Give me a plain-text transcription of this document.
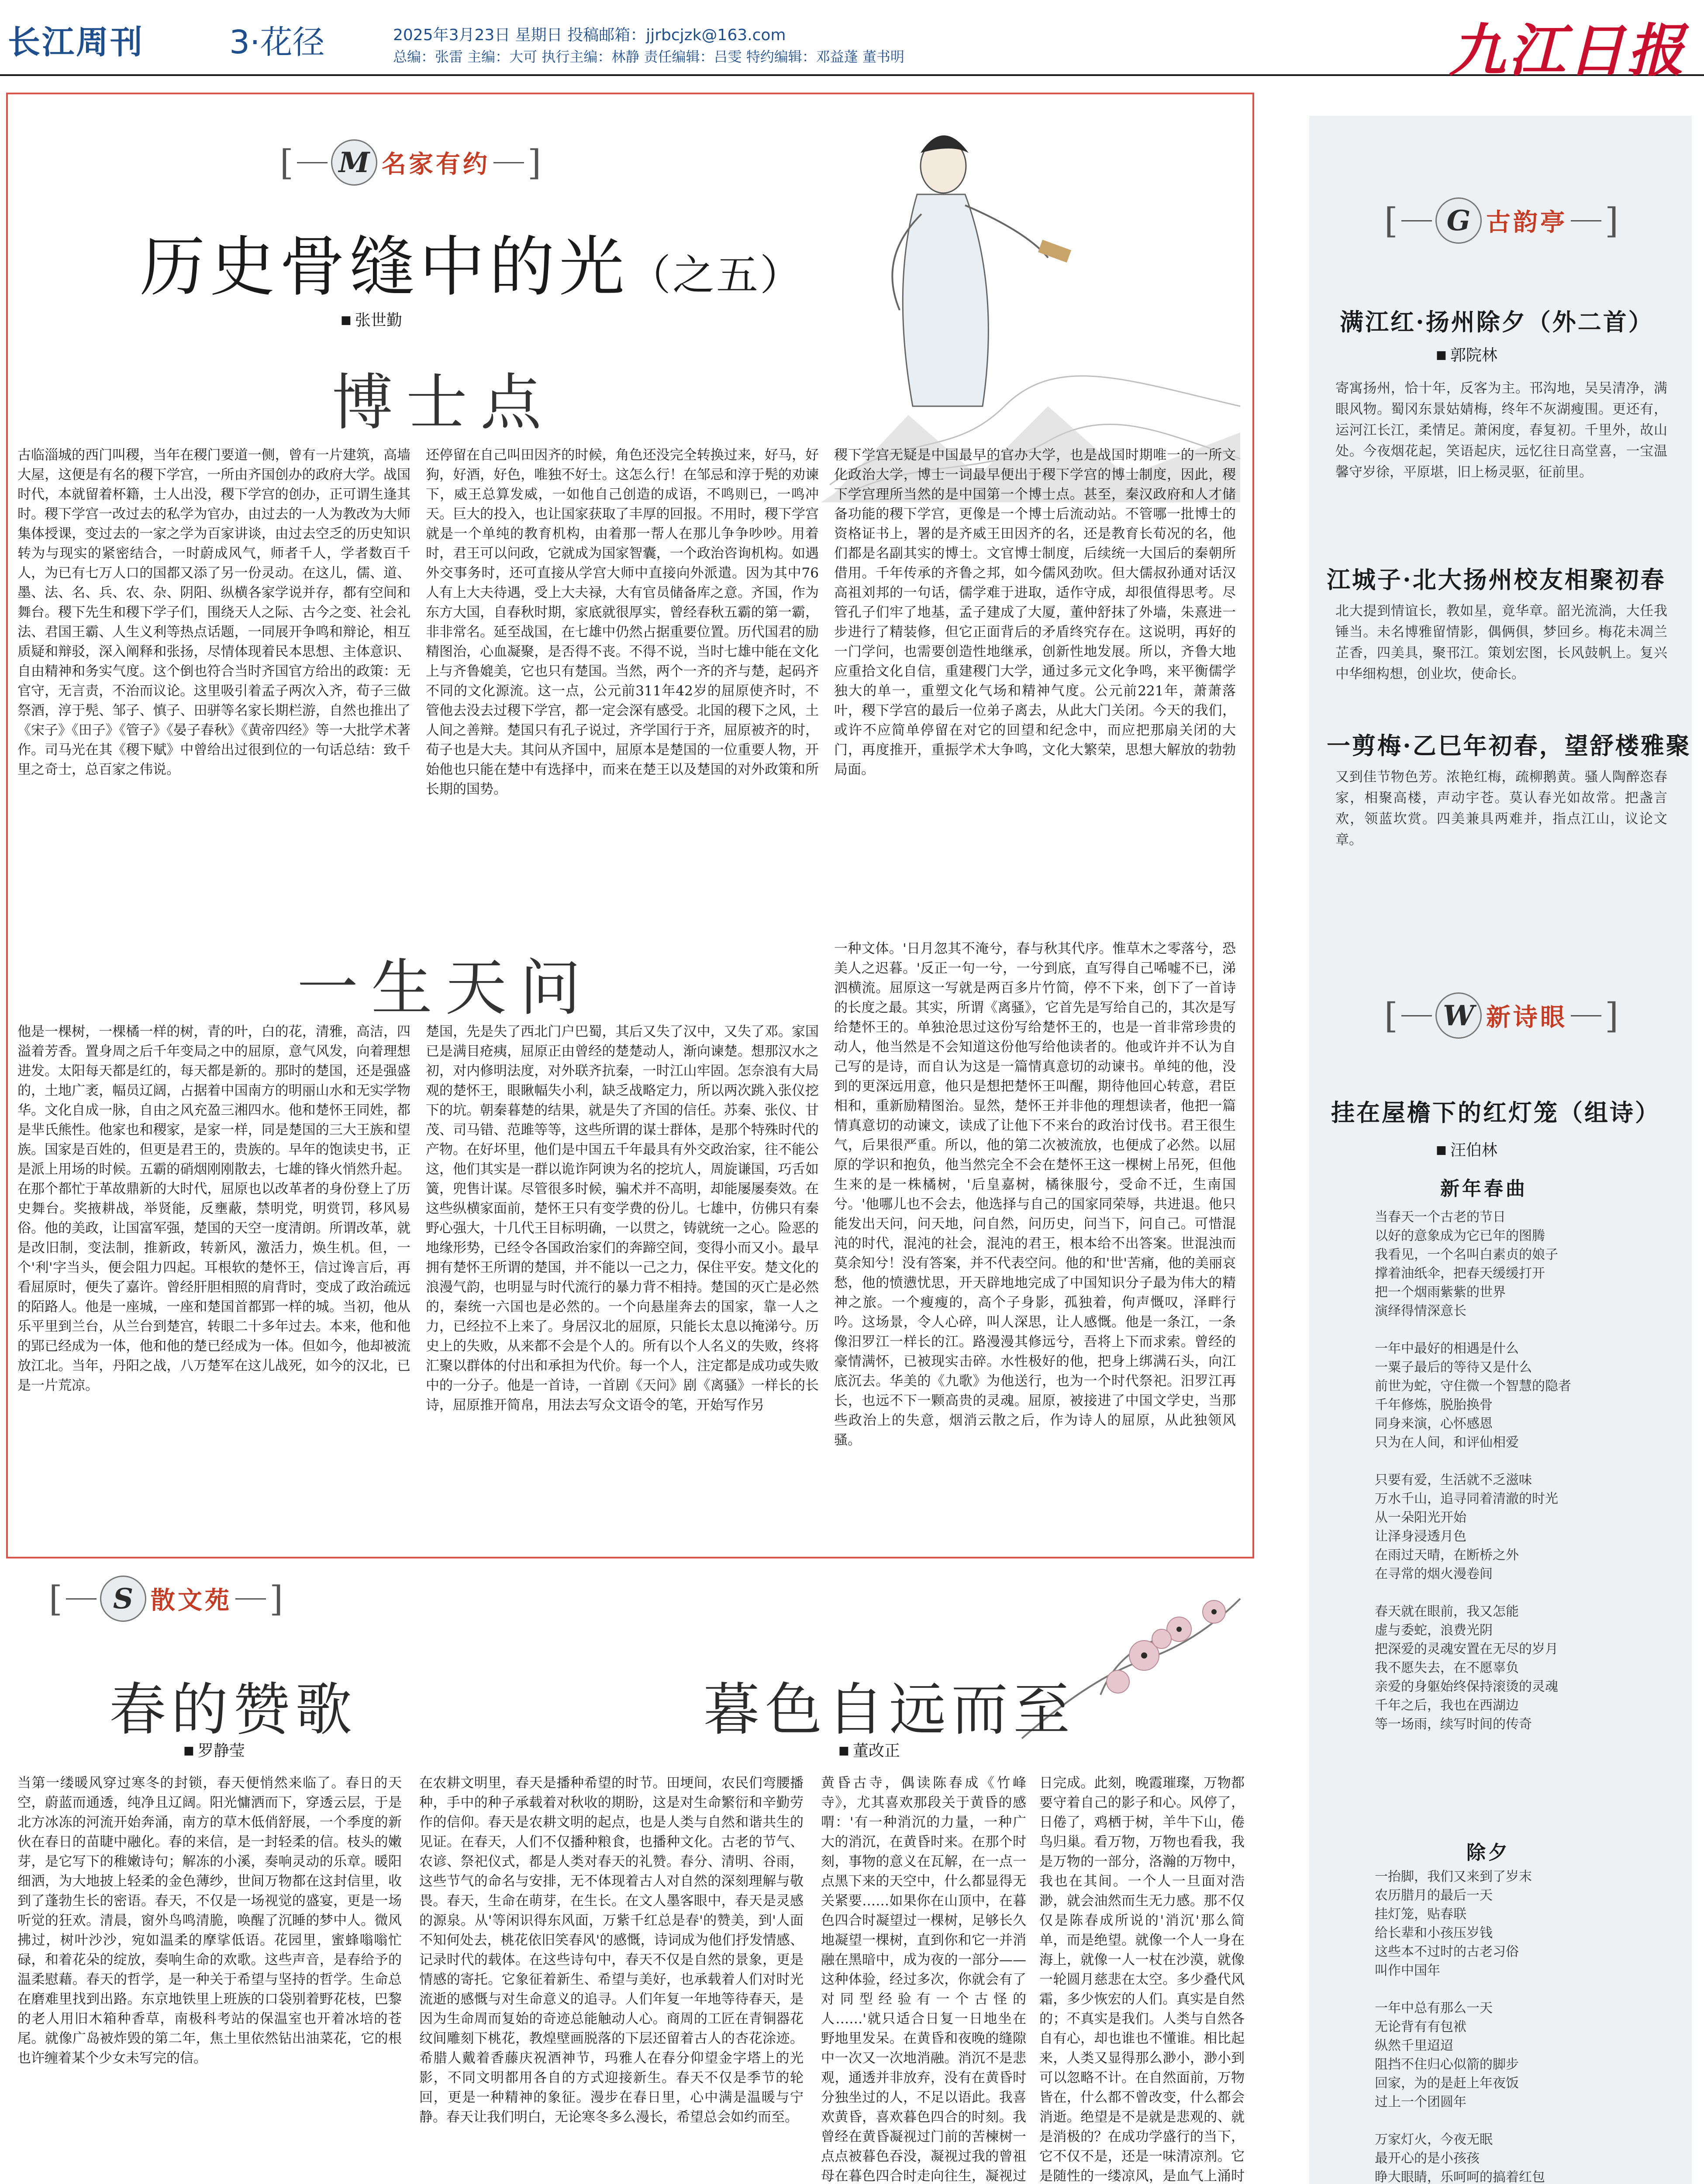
长江周刊	3·花径	2025年3月23日 星期日 投稿邮箱：jjrbcjzk@163.com
总编：张雷 主编：大可 执行主编：林静 责任编辑：吕雯 特约编辑：邓益蓬 董书明	九江日报
[ M 名家有约 ]
历史骨缝中的光（之五）
■ 张世勤
博士点

古临淄城的西门叫稷，当年在稷门要道一侧，曾有一片建筑，高墙大屋，这便是有名的稷下学宫，一所由齐国创办的政府大学。战国时代，本就留着杯籍，士人出没，稷下学宫的创办，正可谓生逢其时。稷下学宫一改过去的私学为官办，由过去的一人为教改为大师集体授课，变过去的一家之学为百家讲谈，由过去空乏的历史知识转为与现实的紧密结合，一时蔚成风气，师者千人，学者数百千人，为已有七万人口的国都又添了另一份灵动。在这儿，儒、道、墨、法、名、兵、农、杂、阴阳、纵横各家学说并存，都有空间和舞台。稷下先生和稷下学子们，围绕天人之际、古今之变、社会礼法、君国王霸、人生义利等热点话题，一同展开争鸣和辩论，相互质疑和辩驳，深入阐释和张扬，尽情体现着民本思想、主体意识、自由精神和务实气度。这个倒也符合当时齐国官方给出的政策：无官守，无言责，不治而议论。这里吸引着孟子两次入齐，荀子三做祭酒，淳于髡、邹子、慎子、田骈等名家长期栏游，自然也推出了《宋子》《田子》《管子》《晏子春秋》《黄帝四经》等一大批学术著作。司马光在其《稷下赋》中曾给出过很到位的一句话总结：致千里之奇士，总百家之伟说。

还停留在自己叫田因齐的时候，角色还没完全转换过来，好马，好狗，好酒，好色，唯独不好士。这怎么行！在邹忌和淳于髡的劝谏下，威王总算发威，一如他自己创造的成语，不鸣则已，一鸣冲天。巨大的投入，也让国家获取了丰厚的回报。不用时，稷下学宫就是一个单纯的教育机构，由着那一帮人在那儿争争吵吵。用着时，君王可以问政，它就成为国家智囊，一个政治咨询机构。如遇外交事务时，还可直接从学宫大师中直接向外派遣。因为其中76人有上大夫待遇，受上大夫禄，大有官员储备库之意。齐国，作为东方大国，自春秋时期，家底就很厚实，曾经春秋五霸的第一霸，非非常名。延至战国，在七雄中仍然占据重要位置。历代国君的励精图治，心血凝聚，是否得不丧。不得不说，当时七雄中能在文化上与齐鲁媲美，它也只有楚国。当然，两个一齐的齐与楚，起码齐不同的文化源流。这一点，公元前311年42岁的屈原使齐时，不管他去没去过稷下学宫，都一定会深有感受。北国的稷下之风，土人间之善辩。楚国只有孔子说过，齐学国行于齐，屈原被齐的时，荀子也是大夫。其问从齐国中，屈原本是楚国的一位重要人物，开始他也只能在楚中有选择中，而来在楚王以及楚国的对外政策和所长期的国势。

稷下学宫无疑是中国最早的官办大学，也是战国时期唯一的一所文化政治大学，博士一词最早便出于稷下学宫的博士制度，因此，稷下学宫理所当然的是中国第一个博士点。甚至，秦汉政府和人才储备功能的稷下学宫，更像是一个博士后流动站。不管哪一批博士的资格证书上，署的是齐威王田因齐的名，还是教育长荀况的名，他们都是名副其实的博士。文官博士制度，后续统一大国后的秦朝所借用。千年传承的齐鲁之邦，如今儒风劲吹。但大儒叔孙通对话汉高祖刘邦的一句话，儒学难于进取，适作守成，却很值得思考。尽管孔子们牢了地基，孟子建成了大厦，董仲舒抹了外墙，朱熹进一步进行了精装修，但它正面背后的矛盾终究存在。这说明，再好的一门学问，也需要创造性地继承，创新性地发展。所以，齐鲁大地应重拾文化自信，重建稷门大学，通过多元文化争鸣，来平衡儒学独大的单一，重塑文化气场和精神气度。公元前221年，萧萧落叶，稷下学宫的最后一位弟子离去，从此大门关闭。今天的我们，或许不应简单停留在对它的回望和纪念中，而应把那扇关闭的大门，再度推开，重振学术大争鸣，文化大繁荣，思想大解放的勃勃局面。

一生天问

他是一棵树，一棵橘一样的树，青的叶，白的花，清雅，高洁，四溢着芳香。置身周之后千年变局之中的屈原，意气风发，向着理想进发。太阳每天都是红的，每天都是新的。那时的楚国，还是强盛的，土地广袤，幅员辽阔，占据着中国南方的明丽山水和无实学物华。文化自成一脉，自由之风充盈三湘四水。他和楚怀王同姓，都是芈氏熊性。他家也和稷家，是家一样，同是楚国的三大王族和望族。国家是百姓的，但更是君王的，贵族的。早年的饱读史书，正是派上用场的时候。五霸的硝烟刚刚散去，七雄的锋火悄然升起。在那个都忙于革故鼎新的大时代，屈原也以改革者的身份登上了历史舞台。奖掖耕战，举贤能，反壅蔽，禁明党，明赏罚，移风易俗。他的美政，让国富军强，楚国的天空一度清朗。所谓改革，就是改旧制，变法制，推新政，转新风，激活力，焕生机。但，一个'利'字当头，便会阻力四起。耳根软的楚怀王，信过谗言后，再看屈原时，便失了嘉许。曾经肝胆相照的肩背时，变成了政治疏远的陌路人。他是一座城，一座和楚国首都郢一样的城。当初，他从乐平里到兰台，从兰台到楚宫，转眼二十多年过去。本来，他和他的郢已经成为一体，他和他的楚已经成为一体。但如今，他却被流放江北。当年，丹阳之战，八万楚军在这儿战死，如今的汉北，已是一片荒凉。

楚国，先是失了西北门户巴蜀，其后又失了汉中，又失了邓。家国已是满目疮痍，屈原正由曾经的楚楚动人，渐向谏楚。想那汉水之初，对内修明法度，对外联齐抗秦，一时江山牢固。怎奈浪有大局观的楚怀王，眼瞅幅失小利，缺乏战略定力，所以两次跳入张仪挖下的坑。朝秦暮楚的结果，就是失了齐国的信任。苏秦、张仪、甘茂、司马错、范雎等等，这些所谓的谋士群体，是那个特殊时代的产物。在好坏里，他们是中国五千年最具有外交政治家，往不能公这，他们其实是一群以诡诈阿谀为名的挖坑人，周旋谦国，巧舌如簧，兜售计谋。尽管很多时候，骗术并不高明，却能屡屡奏效。在这些纵横家面前，楚怀王只有变学费的份儿。七雄中，仿佛只有秦野心强大，十几代王目标明确，一以贯之，铸就统一之心。险恶的地缘形势，已经令各国政治家们的奔蹄空间，变得小而又小。最早拥有楚怀王所谓的楚国，并不能以一己之力，保住平安。楚文化的浪漫气韵，也明显与时代流行的暴力背不相持。楚国的灭亡是必然的，秦统一六国也是必然的。一个向悬崖奔去的国家，靠一人之力，已经拉不上来了。身居汉北的屈原，只能长太息以掩涕兮。历史上的失败，从来都不会是个人的。所有以个人名义的失败，终将汇聚以群体的付出和承担为代价。每一个人，注定都是成功或失败中的一分子。他是一首诗，一首剧《天问》剧《离骚》一样长的长诗，屈原推开简帛，用法去写众文语令的笔，开始写作另

一种文体。'日月忽其不淹兮，春与秋其代序。惟草木之零落兮，恐美人之迟暮。'反正一句一兮，一兮到底，直写得自己唏嘘不已，涕泗横流。屈原这一写就是两百多片竹简，停不下来，创下了一首诗的长度之最。其实，所谓《离骚》，它首先是写给自己的，其次是写给楚怀王的。单独沧思过这份写给楚怀王的，也是一首非常珍贵的动人，他当然是不会知道这份他写给他读者的。他或许并不认为自己写的是诗，而自认为这是一篇情真意切的动谏书。单纯的他，没到的更深远用意，他只是想把楚怀王叫醒，期待他回心转意，君臣相和，重新励精图治。显然，楚怀王并非他的理想读者，他把一篇情真意切的动谏文，读成了让他下不来台的政治讨伐书。君王很生气，后果很严重。所以，他的第二次被流放，也便成了必然。以屈原的学识和抱负，他当然完全不会在楚怀王这一棵树上吊死，但他生来的是一株橘树，'后皇嘉树，橘徕服兮，受命不迁，生南国兮。'他哪儿也不会去，他选择与自己的国家同荣辱，共进退。他只能发出天问，问天地，问自然，问历史，问当下，问自己。可惜混沌的时代，混沌的社会，混沌的君王，根本给不出答案。世混浊而莫余知兮！没有答案，并不代表空问。他的和'世'苦痛，他的美丽哀愁，他的愤懑忧思，开天辟地地完成了中国知识分子最为伟大的精神之旅。一个瘦瘦的，高个子身影，孤独着，佝声慨叹，泽畔行吟。这场景，令人心碎，叫人深思，让人感慨。他是一条江，一条像汨罗江一样长的江。路漫漫其修远兮，吾将上下而求索。曾经的豪情满怀，已被现实击碎。水性极好的他，把身上绑满石头，向江底沉去。华美的《九歌》为他送行，也为一个时代祭祀。汨罗江再长，也远不下一颗高贵的灵魂。屈原，被接进了中国文学史，当那些政治上的失意，烟消云散之后，作为诗人的屈原，从此独领风骚。

[	S 散文苑 ]
春的赞歌
■ 罗静莹

当第一缕暖风穿过寒冬的封锁，春天便悄然来临了。春日的天空，蔚蓝而通透，纯净且辽阔。阳光慵洒而下，穿透云层，于是北方冰冻的河流开始奔涌，南方的草木低俏舒展，一个季度的新伙在春日的苗睫中融化。春的来信，是一封轻柔的信。枝头的嫩芽，是它写下的稚嫩诗句；解冻的小溪，奏响灵动的乐章。暖阳细洒，为大地披上轻柔的金色薄纱，世间万物都在这封信里，收到了蓬勃生长的密语。春天，不仅是一场视觉的盛宴，更是一场听觉的狂欢。清晨，窗外鸟鸣清脆，唤醒了沉睡的梦中人。微风拂过，树叶沙沙，宛如温柔的摩挲低语。花园里，蜜蜂嗡嗡忙碌，和着花朵的绽放，奏响生命的欢歌。这些声音，是春给予的温柔慰藉。春天的哲学，是一种关于希望与坚持的哲学。生命总在磨难里找到出路。东京地铁里上班族的口袋别着野花枝，巴黎的老人用旧木箱种香草，南极科考站的保温室也开着冰培的苍尾。就像广岛被炸毁的第二年，焦土里依然钻出油菜花，它的根也许缠着某个少女未写完的信。

在农耕文明里，春天是播种希望的时节。田埂间，农民们弯腰播种，手中的种子承载着对秋收的期盼，这是对生命繁衍和辛勤劳作的信仰。春天是农耕文明的起点，也是人类与自然和谐共生的见证。在春天，人们不仅播种粮食，也播种文化。古老的节气、农谚、祭祀仪式，都是人类对春天的礼赞。春分、清明、谷雨，这些节气的命名与安排，无不体现着古人对自然的深刻理解与敬畏。春天，生命在萌芽，在生长。在文人墨客眼中，春天是灵感的源泉。从'等闲识得东风面，万紫千红总是春'的赞美，到'人面不知何处去，桃花依旧笑春风'的感慨，诗词成为他们抒发情感、记录时代的载体。在这些诗句中，春天不仅是自然的景象，更是情感的寄托。它象征着新生、希望与美好，也承载着人们对时光流逝的感慨与对生命意义的追寻。人们年复一年地等待春天，是因为生命周而复始的奇迹总能触动人心。商周的工匠在青铜器花纹间雕刻下桃花，教煌壁画脱落的下层还留着古人的杏花涂迹。希腊人戴着香藤庆祝酒神节，玛雅人在春分仰望金字塔上的光影，不同文明都用各自的方式迎接新生。春天不仅是季节的轮回，更是一种精神的象征。漫步在春日里，心中满是温暖与宁静。春天让我们明白，无论寒冬多么漫长，希望总会如约而至。

暮色自远而至
■ 董改正

黄昏古寺，偶读陈春成《竹峰寺》，尤其喜欢那段关于黄昏的感喟：'有一种消沉的力量，一种广大的消沉，在黄昏时来。在那个时刻，事物的意义在瓦解，在一点一点黑下来的天空中，什么都显得无关紧要……如果你在山顶中，在暮色四合时凝望过一棵树，足够长久地凝望一棵树，直到你和它一并消融在黑暗中，成为夜的一部分——这种体验，经过多次，你就会有了对同型经验有一个古怪的人……'就只适合日复一日地坐在野地里发呆。在黄昏和夜晚的缝隙中一次又一次地消融。消沉不是悲观，通透并非放弃，没有在黄昏时分独坐过的人，不足以语此。我喜欢黄昏，喜欢暮色四合的时刻。我曾经在黄昏凝视过门前的苦楝树一点点被暮色吞没，凝视过我的曾祖母在暮色四合时走向往生，凝视过

日完成。此刻，晚霞璀璨，万物都要守着自己的影子和心。风停了，日倦了，鸡栖于树，羊牛下山，倦鸟归巢。看万物，万物也看我，我是万物的一部分，洛瀚的万物中，我也在其间。一个人一旦面对浩渺，就会油然而生无力感。那不仅仅是陈春成所说的'消沉'那么简单，而是绝望。就像一个人一身在海上，就像一人一杖在沙漠，就像一轮圆月慈悲在太空。多少叠代风霜，多少恢宏的人们。真实是自然的；不真实是我们。人类与自然各自有心，却也谁也不懂谁。相比起来，人类又显得那么渺小，渺小到可以忽略不计。在自然面前，万物皆在，什么都不曾改变，什么都会消逝。绝望是不是就是悲观的、就是消极的？在成功学盛行的当下，它不仅不是，还是一味清凉剂。它是随性的一缕凉风，是血气上涌时

[	G 古韵亭 ]
满江红·扬州除夕（外二首）
■ 郭院林
寄寓扬州，恰十年，反客为主。邗沟地，吴吴清净，满眼风物。蜀冈东景姑婧梅，终年不灰湖瘦围。更还有，运河江长江，柔情足。萧闲度，春复初。千里外，故山处。今夜烟花起，笑语起庆，远忆往日高堂喜，一宝温馨守岁徐，平原堪，旧上杨灵驱，征前里。
江城子·北大扬州校友相聚初春
北大提到情谊长，教如星，竟华章。韶光流淌，大任我锤当。未名博雅留情影，偶俩俱，梦回乡。梅花未凋兰芷香，四美具，聚邗江。策划宏图，长风鼓帆上。复兴中华细构想，创业坎，使命长。
一剪梅·乙巳年初春，望舒楼雅聚
又到佳节物色芳。浓艳红梅，疏柳鹅黄。骚人陶醉恣春家，相聚高楼，声动宇苍。莫认春光如故常。把盏言欢，领蓝坎赏。四美兼具两难并，指点江山，议论文章。
[ W 新诗眼 ]
挂在屋檐下的红灯笼（组诗）
■ 汪伯林
新年春曲
当春天一个古老的节日
以好的意象成为它已年的图腾
我看见，一个名叫白素贞的娘子
撑着油纸伞，把春天缓缓打开
把一个烟雨紫紫的世界
演绎得情深意长

一年中最好的相遇是什么
一粟子最后的等待又是什么
前世为蛇，守住微一个智慧的隐者
千年修炼，脱胎换骨
同身来演，心怀感恩
只为在人间，和评仙相爱

只要有爱，生活就不乏滋味
万水千山，追寻同着清澈的时光
从一朵阳光开始
让泽身浸透月色
在雨过天晴，在断桥之外
在寻常的烟火漫卷间

春天就在眼前，我又怎能
虚与委蛇，浪费光阴
把深爱的灵魂安置在无尽的岁月
我不愿失去，在不愿辜负
亲爱的身躯始终保持滚烫的灵魂
千年之后，我也在西湖边
等一场雨，续写时间的传奇
除夕
一抬脚，我们又来到了岁末
农历腊月的最后一天
挂灯笼，贴春联
给长辈和小孩压岁钱
这些本不过时的古老习俗
叫作中国年

一年中总有那么一天
无论背有有包袱
纵然千里迢迢
阻挡不住归心似箭的脚步
回家，为的是赶上年夜饭
过上一个团圆年

万家灯火，今夜无眠
最开心的是小孩孩
睁大眼睛，乐呵呵的搞着红包
